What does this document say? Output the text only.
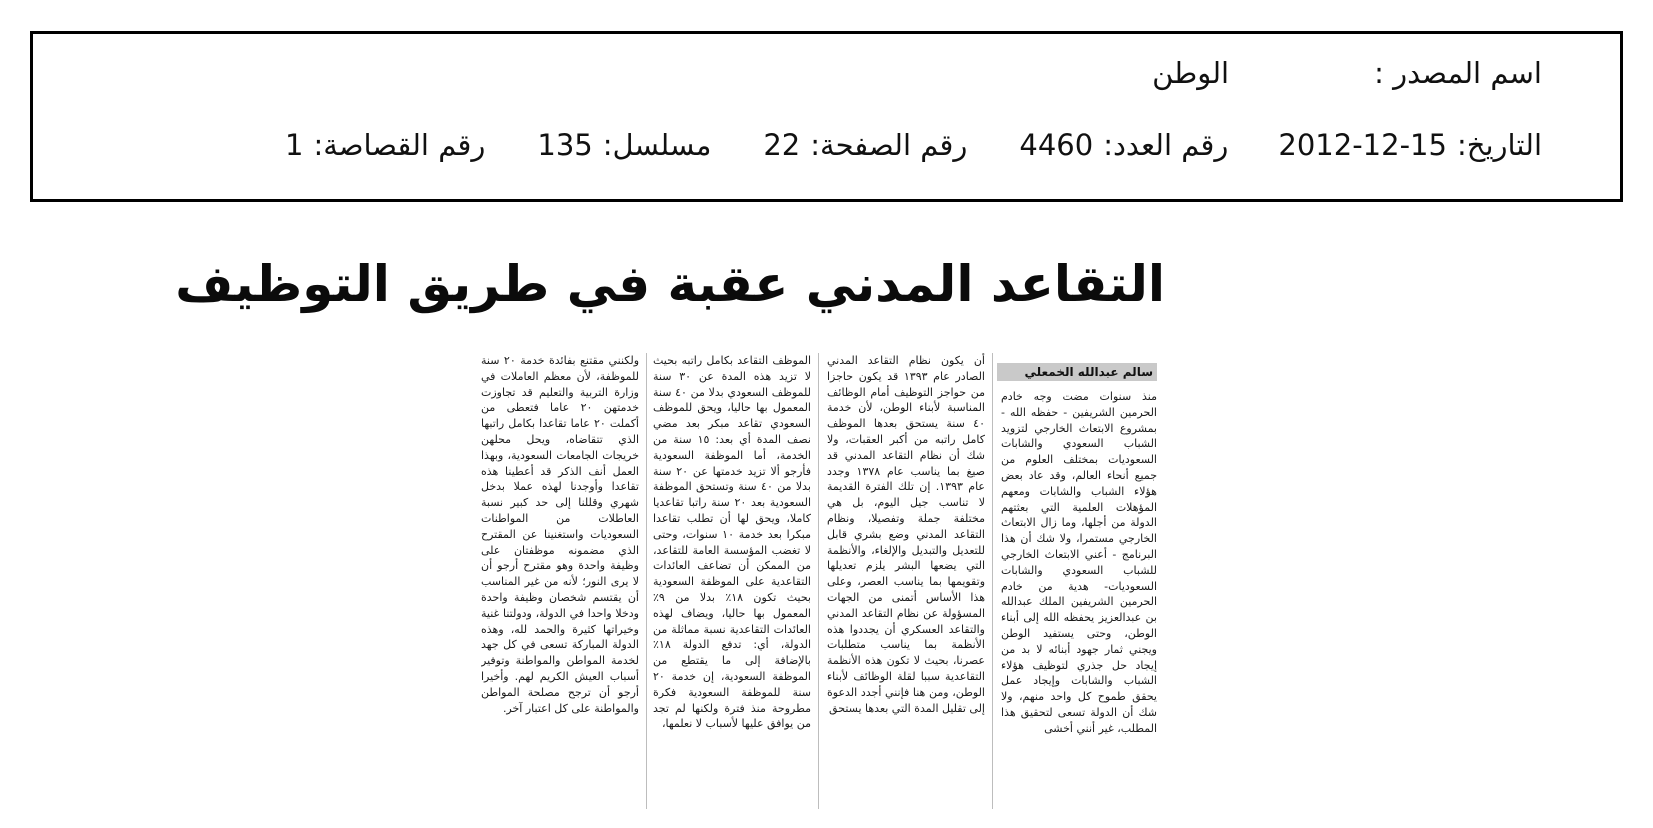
اسم المصدر :
الوطن
التاريخ:
2012-12-15
رقم العدد:
4460
رقم الصفحة:
22
مسلسل:
135
رقم القصاصة:
1
التقاعد المدني عقبة في طريق التوظيف
سالم عبدالله الخمعلي
منذ سنوات مضت وجه خادم الحرمين الشريفين - حفظه الله - بمشروع الابتعاث الخارجي لتزويد الشباب السعودي والشابات السعوديات بمختلف العلوم من جميع أنحاء العالم، وقد عاد بعض هؤلاء الشباب والشابات ومعهم المؤهلات العلمية التي بعثتهم الدولة من أجلها، وما زال الابتعاث الخارجي مستمرا، ولا شك أن هذا البرنامج - أعني الابتعاث الخارجي للشباب السعودي والشابات السعوديات- هدية من خادم الحرمين الشريفين الملك عبدالله بن عبدالعزيز يحفظه الله إلى أبناء الوطن، وحتى يستفيد الوطن ويجني ثمار جهود أبنائه لا بد من إيجاد حل جذري لتوظيف هؤلاء الشباب والشابات وإيجاد عمل يحقق طموح كل واحد منهم، ولا شك أن الدولة تسعى لتحقيق هذا المطلب، غير أنني أخشى
أن يكون نظام التقاعد المدني الصادر عام ١٣٩٣ قد يكون حاجزا من حواجز التوظيف أمام الوظائف المناسبة لأبناء الوطن، لأن خدمة ٤٠ سنة يستحق بعدها الموظف كامل راتبه من أكبر العقبات، ولا شك أن نظام التقاعد المدني قد صيغ بما يناسب عام ١٣٧٨ وجدد عام ١٣٩٣. إن تلك الفترة القديمة لا تناسب جيل اليوم، بل هي مختلفة جملة وتفصيلا، ونظام التقاعد المدني وضع بشري قابل للتعديل والتبديل والإلغاء، والأنظمة التي يضعها البشر يلزم تعديلها وتقويمها بما يناسب العصر، وعلى هذا الأساس أتمنى من الجهات المسؤولة عن نظام التقاعد المدني والتقاعد العسكري أن يجددوا هذه الأنظمة بما يناسب متطلبات عصرنا، بحيث لا تكون هذه الأنظمة التقاعدية سببا لقلة الوظائف لأبناء الوطن، ومن هنا فإنني أجدد الدعوة إلى تقليل المدة التي بعدها يستحق
الموظف التقاعد بكامل راتبه بحيث لا تزيد هذه المدة عن ٣٠ سنة للموظف السعودي بدلا من ٤٠ سنة المعمول بها حاليا، ويحق للموظف السعودي تقاعد مبكر بعد مضي نصف المدة أي بعد: ١٥ سنة من الخدمة، أما الموظفة السعودية فأرجو ألا تزيد خدمتها عن ٢٠ سنة بدلا من ٤٠ سنة وتستحق الموظفة السعودية بعد ٢٠ سنة راتبا تقاعديا كاملا، ويحق لها أن تطلب تقاعدا مبكرا بعد خدمة ١٠ سنوات، وحتى لا تغضب المؤسسة العامة للتقاعد، من الممكن أن تضاعف العائدات التقاعدية على الموظفة السعودية بحيث تكون ١٨٪ بدلا من ٩٪ المعمول بها حاليا، ويضاف لهذه العائدات التقاعدية نسبة مماثلة من الدولة، أي: تدفع الدولة ١٨٪ بالإضافة إلى ما يقتطع من الموظفة السعودية، إن خدمة ٢٠ سنة للموظفة السعودية فكرة مطروحة منذ فترة ولكنها لم تجد من يوافق عليها لأسباب لا نعلمها،
ولكنني مقتنع بفائدة خدمة ٢٠ سنة للموظفة، لأن معظم العاملات في وزارة التربية والتعليم قد تجاوزت خدمتهن ٢٠ عاما فتعطى من أكملت ٢٠ عاما تقاعدا بكامل راتبها الذي تتقاضاه، ويحل محلهن خريجات الجامعات السعودية، وبهذا العمل أنف الذكر قد أعطينا هذه تقاعدا وأوجدنا لهذه عملا بدخل شهري وقللنا إلى حد كبير نسبة العاطلات من المواطنات السعوديات واستغنينا عن المقترح الذي مضمونه موظفتان على وظيفة واحدة وهو مقترح أرجو أن لا يرى النور؛ لأنه من غير المناسب أن يقتسم شخصان وظيفة واحدة ودخلا واحدا في الدولة، ودولتنا غنية وخيراتها كثيرة والحمد لله، وهذه الدولة المباركة تسعى في كل جهد لخدمة المواطن والمواطنة وتوفير أسباب العيش الكريم لهم. وأخيرا أرجو أن ترجح مصلحة المواطن والمواطنة على كل اعتبار آخر.
